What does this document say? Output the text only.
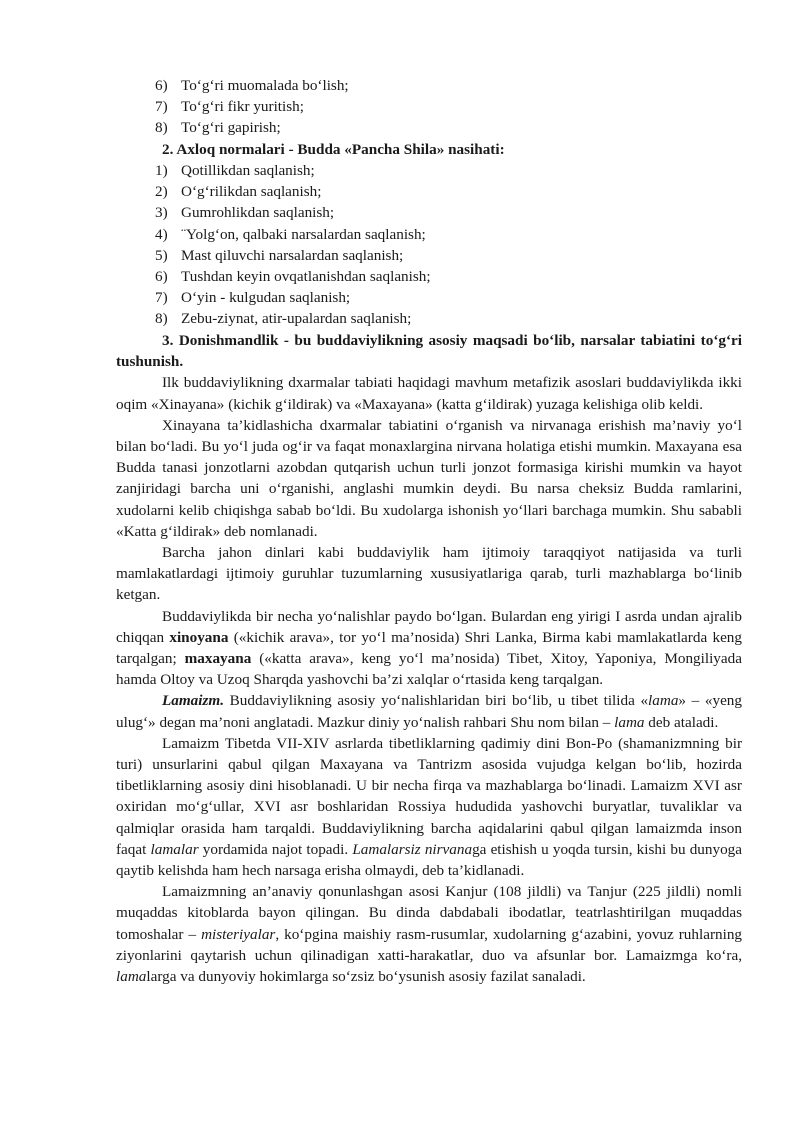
6) To‘g‘ri muomalada bo‘lish;
7) To‘g‘ri fikr yuritish;
8) To‘g‘ri gapirish;
2. Axloq normalari - Budda «Pancha Shila» nasihati:
1) Qotillikdan saqlanish;
2) O‘g‘rilikdan saqlanish;
3) Gumrohlikdan saqlanish;
4) ¨Yolg‘on, qalbaki narsalardan saqlanish;
5) Mast qiluvchi narsalardan saqlanish;
6) Tushdan keyin ovqatlanishdan saqlanish;
7) O‘yin - kulgudan saqlanish;
8) Zebu-ziynat, atir-upalardan saqlanish;

3. Donishmandlik - bu buddaviylikning asosiy maqsadi bo‘lib, narsalar tabiatini to‘g‘ri tushunish.

Ilk buddaviylikning dxarmalar tabiati haqidagi mavhum metafizik asoslari buddaviylikda ikki oqim «Xinayana» (kichik g‘ildirak) va «Maxayana» (katta g‘ildirak) yuzaga kelishiga olib keldi.

Xinayana ta’kidlashicha dxarmalar tabiatini o‘rganish va nirvanaga erishish ma’naviy yo‘l bilan bo‘ladi. Bu yo‘l juda og‘ir va faqat monaxlargina nirvana holatiga etishi mumkin. Maxayana esa Budda tanasi jonzotlarni azobdan qutqarish uchun turli jonzot formasiga kirishi mumkin va hayot zanjiridagi barcha uni o‘rganishi, anglashi mumkin deydi. Bu narsa cheksiz Budda ramlarini, xudolarni kelib chiqishga sabab bo‘ldi. Bu xudolarga ishonish yo‘llari barchaga mumkin. Shu sababli «Katta g‘ildirak» deb nomlanadi.

Barcha jahon dinlari kabi buddaviylik ham ijtimoiy taraqqiyot natijasida va turli mamlakatlardagi ijtimoiy guruhlar tuzumlarning xususiyatlariga qarab, turli mazhablarga bo‘linib ketgan.

Buddaviylikda bir necha yo‘nalishlar paydo bo‘lgan. Bulardan eng yirigi I asrda undan ajralib chiqqan xinoyana («kichik arava», tor yo‘l ma’nosida) Shri Lanka, Birma kabi mamlakatlarda keng tarqalgan; maxayana («katta arava», keng yo‘l ma’nosida) Tibet, Xitoy, Yaponiya, Mongiliyada hamda Oltoy va Uzoq Sharqda yashovchi ba’zi xalqlar o‘rtasida keng tarqalgan.

Lamaizm. Buddaviylikning asosiy yo‘nalishlaridan biri bo‘lib, u tibet tilida «lama» – «yeng ulug‘» degan ma’noni anglatadi. Mazkur diniy yo‘nalish rahbari Shu nom bilan – lama deb ataladi.

Lamaizm Tibetda VII-XIV asrlarda tibetliklarning qadimiy dini Bon-Po (shamanizmning bir turi) unsurlarini qabul qilgan Maxayana va Tantrizm asosida vujudga kelgan bo‘lib, hozirda tibetliklarning asosiy dini hisoblanadi. U bir necha firqa va mazhablarga bo‘linadi. Lamaizm XVI asr oxiridan mo‘g‘ullar, XVI asr boshlaridan Rossiya hududida yashovchi buryatlar, tuvaliklar va qalmiqlar orasida ham tarqaldi. Buddaviylikning barcha aqidalarini qabul qilgan lamaizmda inson faqat lamalar yordamida najot topadi. Lamalarsiz nirvanaga etishish u yoqda tursin, kishi bu dunyoga qaytib kelishda ham hech narsaga erisha olmaydi, deb ta’kidlanadi.

Lamaizmning an’anaviy qonunlashgan asosi Kanjur (108 jildli) va Tanjur (225 jildli) nomli muqaddas kitoblarda bayon qilingan. Bu dinda dabdabali ibodatlar, teatrlashtirilgan muqaddas tomoshalar – misteriyalar, ko‘pgina maishiy rasm-rusumlar, xudolarning g‘azabini, yovuz ruhlarning ziyonlarini qaytarish uchun qilinadigan xatti-harakatlar, duo va afsunlar bor. Lamaizmga ko‘ra, lamalarga va dunyoviy hokimlarga so‘zsiz bo‘ysunish asosiy fazilat sanaladi.
